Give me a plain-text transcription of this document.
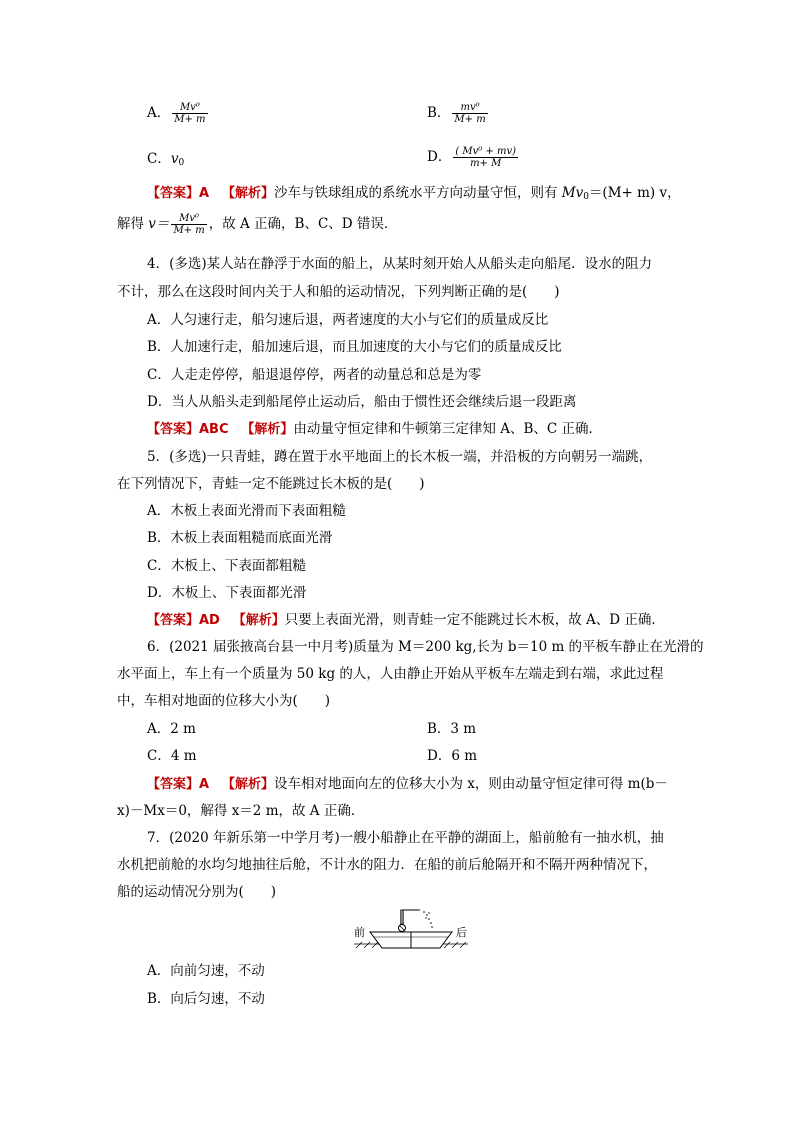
A． $\frac{\text{Mv⁰}}{M+ m}$	B． $\frac{\text{mv⁰}}{M+ m}$
C．$v_0$	D． $\frac{\text{( Mv⁰ + mv)}}{m+ M}$
【答案】A 【解析】沙车与铁球组成的系统水平方向动量守恒，则有 $Mv_0=(M+ m)$ v，
解得 $v= \frac{\text{Mv⁰}}{M+ m}$ ，故 A 正确，B、C、D 错误．
4．(多选)某人站在静浮于水面的船上，从某时刻开始人从船头走向船尾．设水的阻力
不计，那么在这段时间内关于人和船的运动情况，下列判断正确的是(　　)
A．人匀速行走，船匀速后退，两者速度的大小与它们的质量成反比
B．人加速行走，船加速后退，而且加速度的大小与它们的质量成反比
C．人走走停停，船退退停停，两者的动量总和总是为零
D．当人从船头走到船尾停止运动后，船由于惯性还会继续后退一段距离
【答案】ABC 【解析】由动量守恒定律和牛顿第三定律知 A、B、C 正确．
5．(多选)一只青蛙，蹲在置于水平地面上的长木板一端，并沿板的方向朝另一端跳，
在下列情况下，青蛙一定不能跳过长木板的是(　　)
A．木板上表面光滑而下表面粗糙
B．木板上表面粗糙而底面光滑
C．木板上、下表面都粗糙
D．木板上、下表面都光滑
【答案】AD 【解析】只要上表面光滑，则青蛙一定不能跳过长木板，故 A、D 正确．
6．(2021 届张掖高台县一中月考)质量为 M＝200 kg,长为 b＝10 m 的平板车静止在光滑的
水平面上，车上有一个质量为 50 kg 的人，人由静止开始从平板车左端走到右端，求此过程
中，车相对地面的位移大小为(　　)
A．2 m	B．3 m
C．4 m	D．6 m
【答案】A 【解析】设车相对地面向左的位移大小为 x，则由动量守恒定律可得 m(b－
x)－Mx＝0，解得 x＝2 m，故 A 正确．
7．(2020 年新乐第一中学月考)一艘小船静止在平静的湖面上，船前舱有一抽水机，抽
水机把前舱的水均匀地抽往后舱，不计水的阻力．在船的前后舱隔开和不隔开两种情况下，
船的运动情况分别为(　　)
前	后
A．向前匀速，不动
B．向后匀速，不动
